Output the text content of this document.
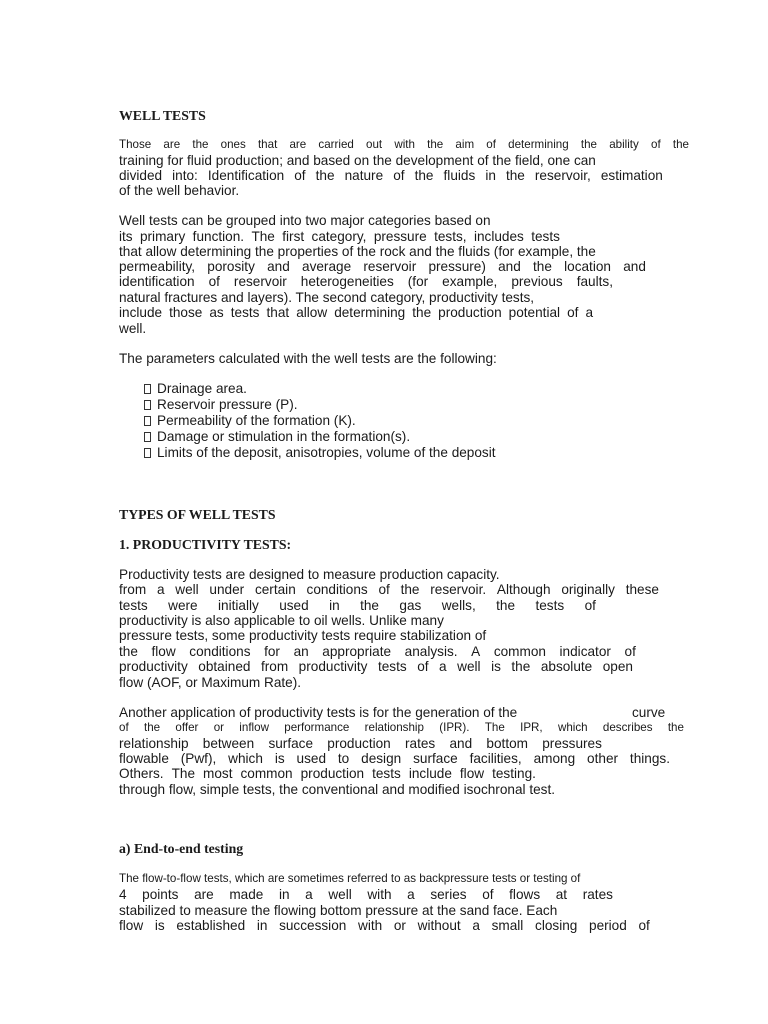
WELL TESTS
Those are the ones that are carried out with the aim of determining the ability of the
training for fluid production; and based on the development of the field, one can
divided into: Identification of the nature of the fluids in the reservoir, estimation
of the well behavior.
Well tests can be grouped into two major categories based on
its primary function. The first category, pressure tests, includes tests
that allow determining the properties of the rock and the fluids (for example, the
permeability, porosity and average reservoir pressure) and the location and
identification of reservoir heterogeneities (for example, previous faults,
natural fractures and layers). The second category, productivity tests,
include those as tests that allow determining the production potential of a
well.
The parameters calculated with the well tests are the following:
Drainage area.
Reservoir pressure (P).
Permeability of the formation (K).
Damage or stimulation in the formation(s).
Limits of the deposit, anisotropies, volume of the deposit
TYPES OF WELL TESTS
1. PRODUCTIVITY TESTS:
Productivity tests are designed to measure production capacity.
from a well under certain conditions of the reservoir. Although originally these
tests were initially used in the gas wells, the tests of
productivity is also applicable to oil wells. Unlike many
pressure tests, some productivity tests require stabilization of
the flow conditions for an appropriate analysis. A common indicator of
productivity obtained from productivity tests of a well is the absolute open
flow (AOF, or Maximum Rate).
Another application of productivity tests is for the generation of the	curve
of the offer or inflow performance relationship (IPR). The IPR, which describes the
relationship between surface production rates and bottom pressures
flowable (Pwf), which is used to design surface facilities, among other things.
Others. The most common production tests include flow testing.
through flow, simple tests, the conventional and modified isochronal test.
a) End-to-end testing
The flow-to-flow tests, which are sometimes referred to as backpressure tests or testing of
4 points are made in a well with a series of flows at rates
stabilized to measure the flowing bottom pressure at the sand face. Each
flow is established in succession with or without a small closing period of
